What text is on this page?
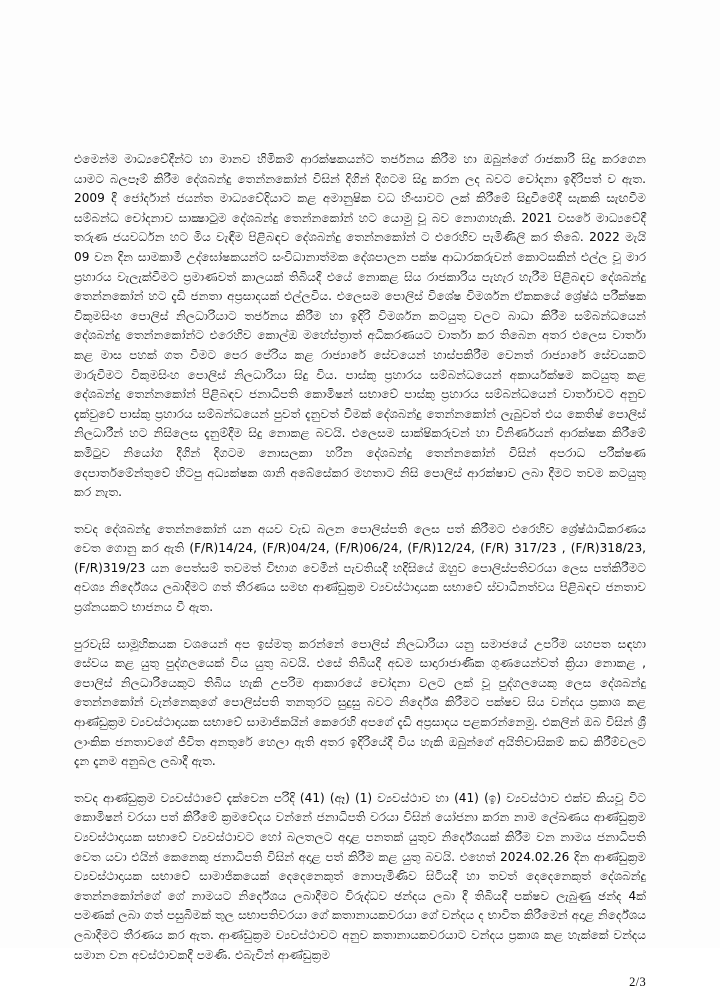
එමෙන්ම මාධ්‍යවේදීන්ට හා මානව හිමිකම් ආරක්ෂකයන්ට තර්ජනය කිරීම හා ඔබුන්ගේ රාජකාරි සිදු කරගෙන යාමට බලපෑම් කිරීම දේශබන්දු තෙන්නකෝන් විසින් දිගින් දිගටම සිදු කරන ලද බවට චෝදනා ඉදිරිපත් ව ඇත. 2009 දී ජෝර්දාන් ජයන්ත මාධ්‍යවේදියාට කළ අමානුෂික වධ හිංසාවට ලක් කිරීමේ සිදුවීමේදී සැකකි සැඟවීම සම්බන්ධ චෝදනාව සාක්‍ෂාටුම දේශබන්දු තෙන්නකෝන් හට යොමු වූ බව නොගාහැකි. 2021 වසරේ මාධ්‍යවේදී තරුණ ජයවර්ධන හට මිය වැඳීම පිළිබඳව දේශබන්දු තෙන්නකෝන් ට එරෙහිව පැමිණිලි කර තිබේ. 2022 මැයි 09 වන දින සාමකාමී උද්ඝෝෂකයන්ට සංවිධානාත්මක දේශපාලන පක්ෂ ආධාරකරුවන් කොටසකින් එල්ල වූ මාර ප්‍රහාරය වැලැක්වීමට ප්‍රමාණවත් කාලයක් තිබියදී එයේ නොකළ සිය රාජකාරිය පැහැර හැරීම පිළිබඳව දේශබන්දු තෙන්නකෝන් හට දැඩි ජනතා අප්‍රසාදයක් එල්ලවිය. එලෙසම පොලිස් විශේෂ විමර්ශන ඒකකයේ ශ්‍රේෂ්ඨ පරීක්ෂක විකුමසිංහ පොලිස් නිලධාරියාට තර්ජනය කිරීම හා ඉදිරි විමර්ශන කටයුතු වලට බාධා කිරීම සම්බන්ධයෙන් දේශබන්දු තෙන්නකෝන්ට එරෙහිව කොල්ඔ මහේස්ත්‍රාත් අධිකරණයට වාර්තා කර තිබෙන අතර එලෙස වාර්තා කළ මාස පහක් ගත වීමට පෙර පේරිය කළ රාජ්‍යාරේ සේවයෙන් හාස්පකිරීම වෙනත් රාජ්‍යාරේ සේවයකට මාරුවීමට විකුමසිංහ පොලිස් නිලධාරියා සිදු විය. පාස්කු ප්‍රහාරය සම්බන්ධයෙන් අකාර්යක්ෂම කටයුතු කළ දේශබන්දු තෙන්නකෝන් පිළිබඳව ජනාධිපති කොමිෂන් සභාවේ පාස්කු ප්‍රහාරය සම්බන්ධයෙන් වාර්තාවට අනුව දැක්වුවේ පාස්කු ප්‍රහාරය සම්බන්ධයෙන් පුවත් දැනුවත් වීමක් දේශබන්දු තෙන්නකෝන් ලැබුවත් එය කෙතිෂ් පොලිස් නිලධාරීන් හට නිසිලෙස දැනුම්දීම සිදු නොකළ බවයි. එලෙසම සාක්ෂිකරුවන් හා විනිර්ණයන් ආරක්ෂක කිරීමේ කමිටුව නියෝග දීගින් දිගටම නොසලකා හරින දේශබන්දු තෙන්නකෝන් විසින් අපරාධ පරීක්ෂණ දෙපාර්තමේන්තුවේ හිටපු අධ්‍යක්ෂක ශානි අබේසේකර මහතාට නිසි පොලිස් ආරක්ෂාව ලබා දීමට තවම කටයුතු කර නැත.

තවද දේශබන්දු තෙන්නකෝන් යන අයව වැඩ බලන පොලිස්පති ලෙස පත් කිරීමට එරෙහිව ශ්‍රේෂ්ඨාධිකරණය වෙත ගොනු කර ඇති (F/R)14/24, (F/R)04/24, (F/R)06/24, (F/R)12/24, (F/R) 317/23 , (F/R)318/23, (F/R)319/23 යන පෙත්සම් තවමත් විභාග වෙමින් පැවතියදී හදිසියේ ඔහුව පොලිස්පතිවරයා ලෙස පත්කිරීමට අවශ්‍ය නිර්දේශය ලබාදීමට ගත් තීරණය සමඟ ආණ්ඩුක්‍රම ව්‍යවස්ථාදායක සභාවේ ස්වාධීනත්වය පිළිබඳව ජනතාව ප්‍රශ්නයකට භාජනය වී ඇත.

පුරවැසි සාමූහිකයක වශයෙන් අප ඉස්මතු කරන්නේ පොලිස් නිලධාරියා යනු සමාජයේ උපරිම යහපත සඳහා සේවය කළ යුතු පුද්ගලයෙක් විය යුතු බවයි. එසේ තිබියදී අඩම සාදාරාජාණික ගුණයෙන්වත් ක්‍රියා නොකළ , පොලිස් නිලධාරියෙකුට තිබිය හැකි උපරිම ආකාරයේ චෝදනා වලට ලක් වූ පුද්ගලයෙකු ලෙස දේශබන්දු තෙන්නකෝන් වැන්නෙකුගේ පොලිස්පති තනතුරට සුදුසු බවට නිර්දේශ කිරීමට පක්ෂව සිය වන්දය ප්‍රකාශ කළ ආණ්ඩුක්‍රම ව්‍යවස්ථාදායක සභාවේ සාමාජිකයින් කෙරෙහි අපගේ දැඩි අප්‍රසාදය පළකරන්නෙමු. එකලින් ඔබ විසින් ශ්‍රී ලාංකික ජනතාවගේ ජීවිත අනතුරේ හෙලා ඇති අතර ඉදිරියේදී විය හැකි ඔබුන්ගේ අයිතිවාසිකම් කඩ කිරීම්වලට දැන දැනම අනුබල ලබාදී ඇත.

තවද ආණ්ඩුක්‍රම ව්‍යවස්ථාවේ දැක්වෙන පරිදි (41) (ඈ) (1) ව්‍යවස්ථාව හා (41) (ඉ) ව්‍යවස්ථාව එක්ව කියවූ විට කොමිෂන් වරයා පත් කිරීමේ ක්‍රමවේදය වන්නේ ජනාධිපති වරයා විසින් යෝජනා කරන නාම ලේඛණය ආණ්ඩුක්‍රම ව්‍යවස්ථාදායක සභාවේ ව්‍යවස්ථාවට හෝ බලතලට අදාළ පනතක් යුතුව නිර්දේශයක් කිරීම වන නාමය ජනාධිපති වෙත යවා එයින් කෙනෙකු ජනාධිපති විසින් අදාළ පත් කිරීම කළ යුතු බවයි. එහෙත් 2024.02.26 දින ආණ්ඩුක්‍රම ව්‍යවස්ථාදායක සභාවේ සාමාජිකයෙක් දෙදෙනෙකුත් නොපැමිණිව සිටියදී හා තවත් දෙදෙනෙකුත් දේශබන්දු තෙන්නකෝන්ගේ ගේ නාමයට නිර්දේශය ලබාදීමට විරුද්ධව ඡන්දය ලබා දී තිබියදී පක්ෂව ලැබුණු ඡන්ද 4ක් පමණක් ලබා ගත් පසුබිමක් තුල සභාපතිවරයා ගේ කතානායකවරයා ගේ වන්දය ද භාවිත කිරීමෙන් අදාළ නිර්දේශය ලබාදීමට තීරණය කර ඇත. ආණ්ඩුක්‍රම ව්‍යවස්ථාවට අනුව කතානායකවරයාට වන්දය ප්‍රකාශ කළ හැක්කේ වන්දය සමාන වන අවස්ථාවකදී පමණි. එබැවින් ආණ්ඩුක්‍රම

2/3
